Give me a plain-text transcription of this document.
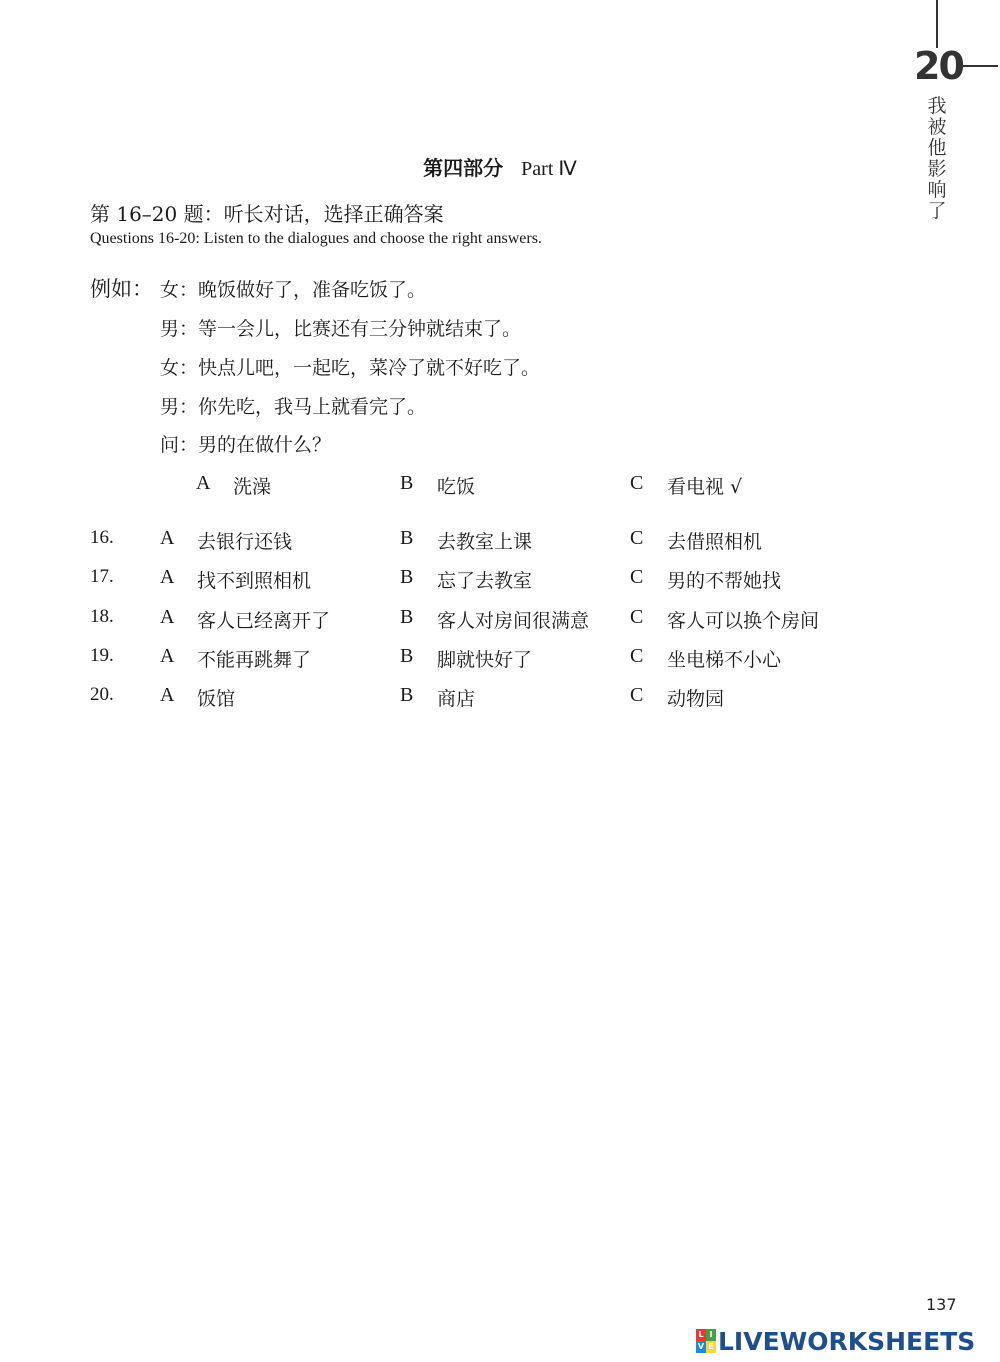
20
我被他影响了
第四部分 Part Ⅳ
第 16–20 题：听长对话，选择正确答案
Questions 16-20: Listen to the dialogues and choose the right answers.
例如： 女：晚饭做好了，准备吃饭了。
男：等一会儿，比赛还有三分钟就结束了。
女：快点儿吧，一起吃，菜冷了就不好吃了。
男：你先吃，我马上就看完了。
问：男的在做什么？
A 洗澡	B 吃饭	C 看电视 √
16. A 去银行还钱	B 去教室上课	C 去借照相机
17. A 找不到照相机	B 忘了去教室	C 男的不帮她找
18. A 客人已经离开了	B 客人对房间很满意 C 客人可以换个房间
19. A 不能再跳舞了	B 脚就快好了	C 坐电梯不小心
20. A 饭馆	B 商店	C 动物园
137
L I
V E LIVEWORKSHEETS
